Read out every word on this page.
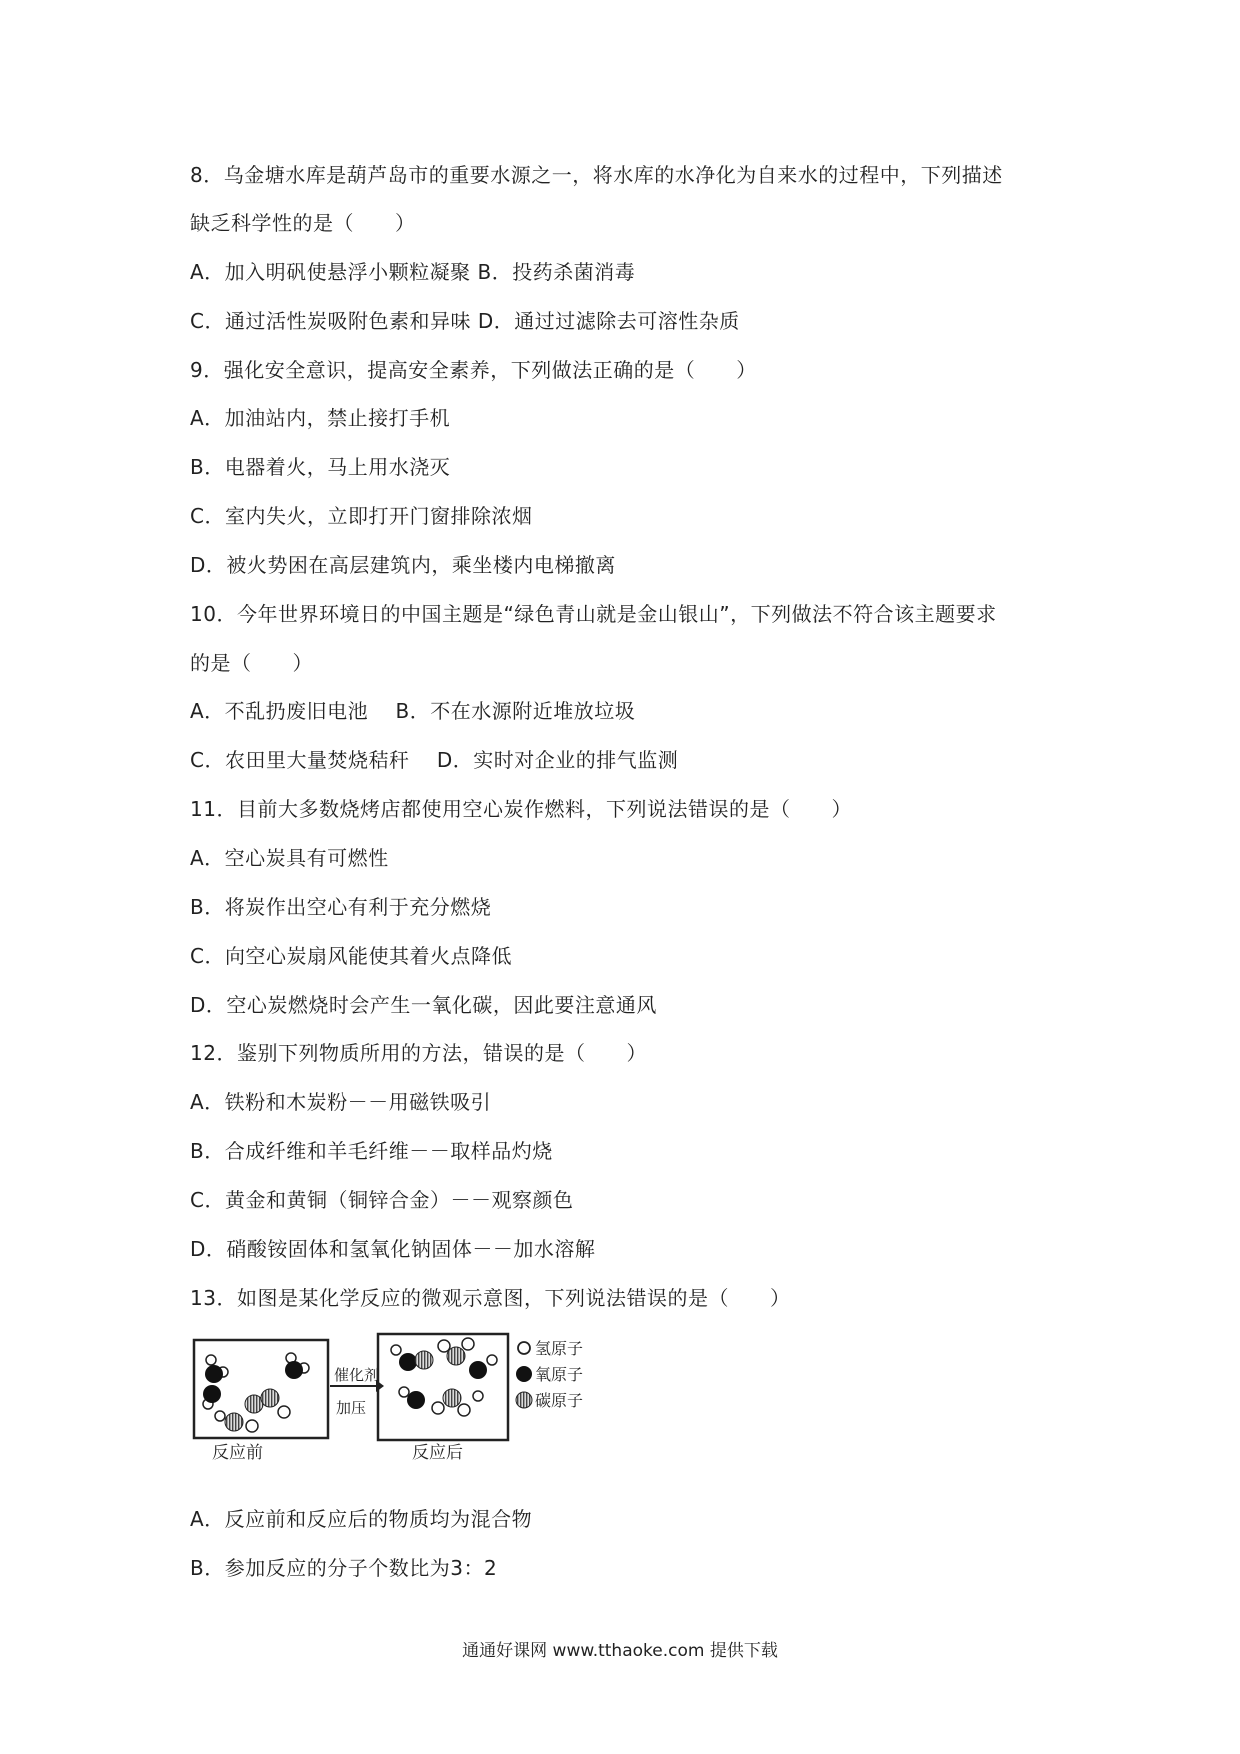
8．乌金塘水库是葫芦岛市的重要水源之一，将水库的水净化为自来水的过程中，下列描述
缺乏科学性的是（　　）
A．加入明矾使悬浮小颗粒凝聚 B．投药杀菌消毒
C．通过活性炭吸附色素和异味 D．通过过滤除去可溶性杂质
9．强化安全意识，提高安全素养，下列做法正确的是（　　）
A．加油站内，禁止接打手机
B．电器着火，马上用水浇灭
C．室内失火，立即打开门窗排除浓烟
D．被火势困在高层建筑内，乘坐楼内电梯撤离
10．今年世界环境日的中国主题是“绿色青山就是金山银山”，下列做法不符合该主题要求
的是（　　）
A．不乱扔废旧电池　 B．不在水源附近堆放垃圾
C．农田里大量焚烧秸秆　 D．实时对企业的排气监测
11．目前大多数烧烤店都使用空心炭作燃料，下列说法错误的是（　　）
A．空心炭具有可燃性
B．将炭作出空心有利于充分燃烧
C．向空心炭扇风能使其着火点降低
D．空心炭燃烧时会产生一氧化碳，因此要注意通风
12．鉴别下列物质所用的方法，错误的是（　　）
A．铁粉和木炭粉－－用磁铁吸引
B．合成纤维和羊毛纤维－－取样品灼烧
C．黄金和黄铜（铜锌合金）－－观察颜色
D．硝酸铵固体和氢氧化钠固体－－加水溶解
13．如图是某化学反应的微观示意图，下列说法错误的是（　　）
催化剂
加压
反应前	反应后
氢原子
氧原子
碳原子
A．反应前和反应后的物质均为混合物
B．参加反应的分子个数比为3：2
通通好课网 www.tthaoke.com 提供下载
